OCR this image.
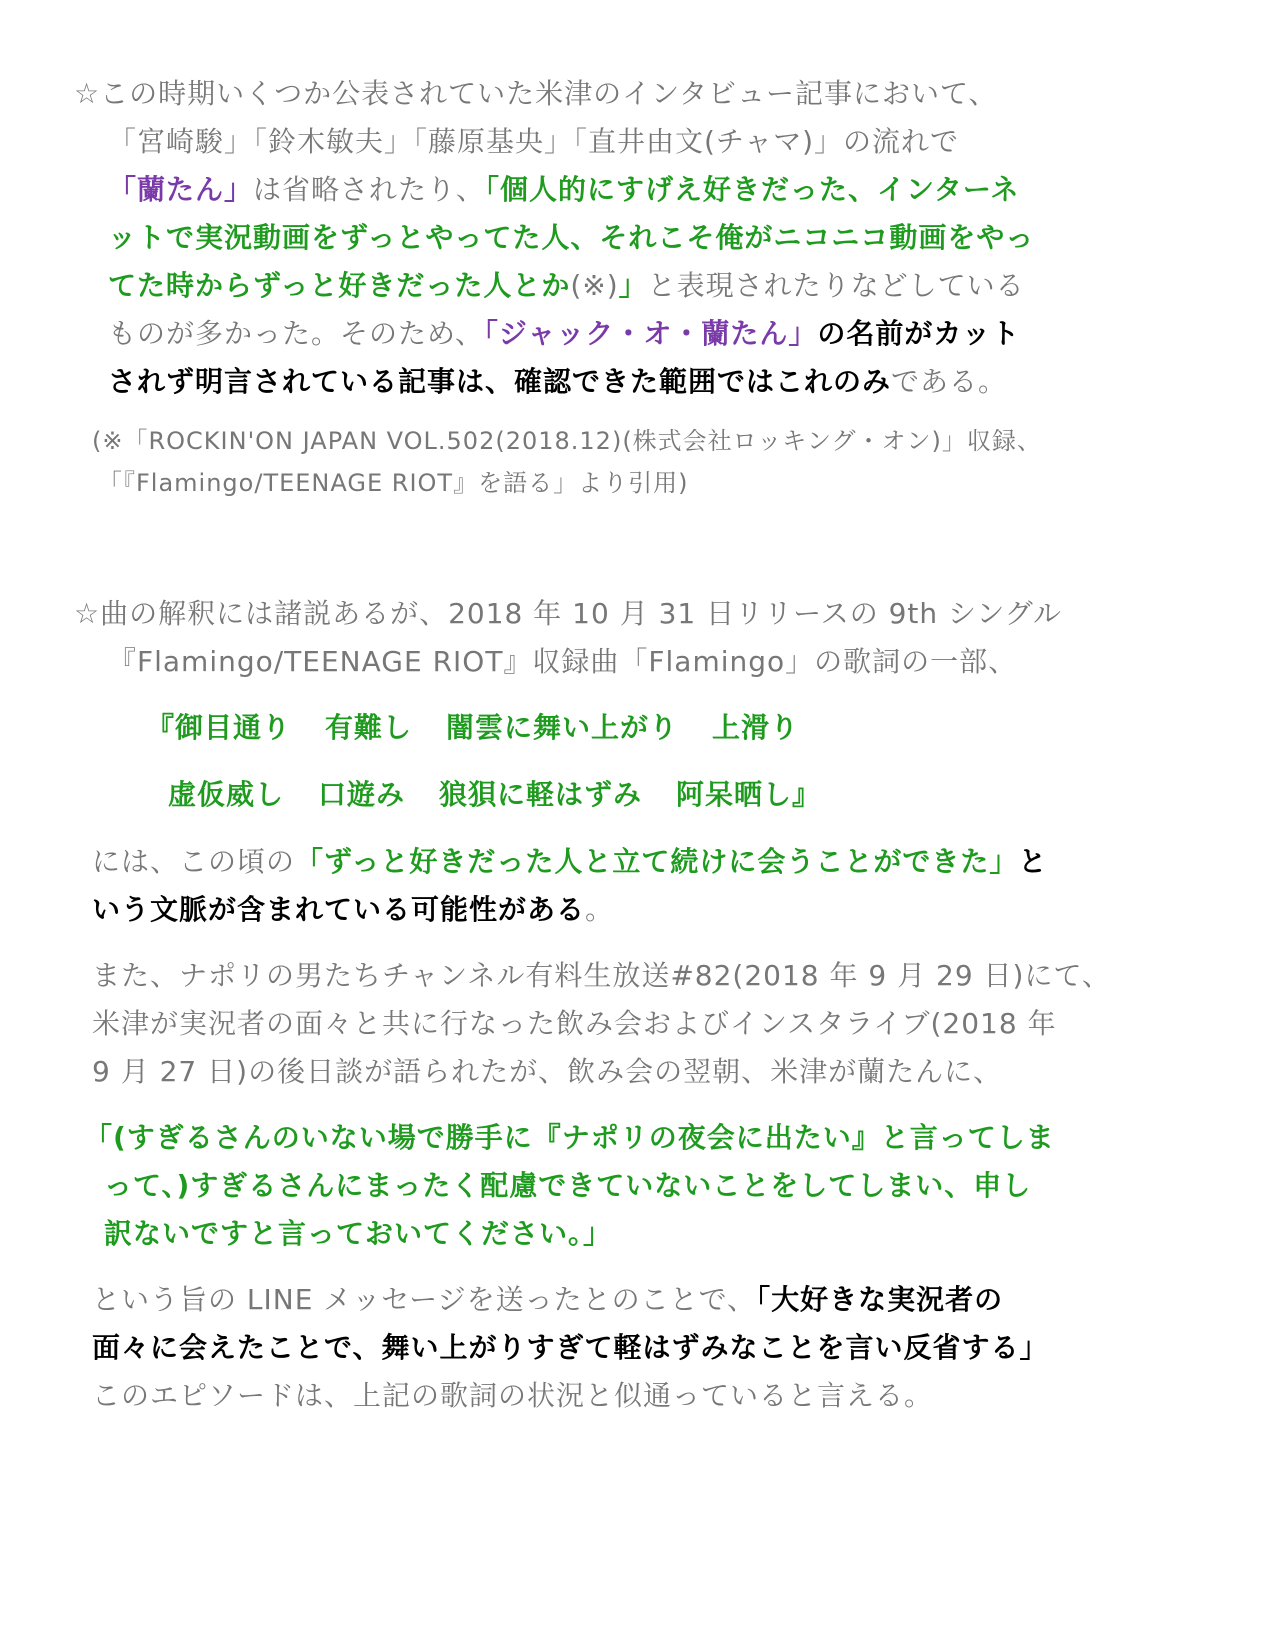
☆この時期いくつか公表されていた米津のインタビュー記事において、
「宮崎駿」「鈴木敏夫」「藤原基央」「直井由文(チャマ)」の流れで
「蘭たん」は省略されたり、「個人的にすげえ好きだった、インターネ
ットで実況動画をずっとやってた人、それこそ俺がニコニコ動画をやっ
てた時からずっと好きだった人とか(※)」と表現されたりなどしている
ものが多かった。そのため、「ジャック・オ・蘭たん」の名前がカット
されず明言されている記事は、確認できた範囲ではこれのみである。
(※「ROCKIN'ON JAPAN VOL.502(2018.12)(株式会社ロッキング・オン)」収録、
「『Flamingo/TEENAGE RIOT』を語る」より引用)
☆曲の解釈には諸説あるが、2018 年 10 月 31 日リリースの 9th シングル
『Flamingo/TEENAGE RIOT』収録曲「Flamingo」の歌詞の一部、
『御目通り 有難し 闇雲に舞い上がり 上滑り
虚仮威し 口遊み 狼狽に軽はずみ 阿呆晒し』
には、この頃の「ずっと好きだった人と立て続けに会うことができた」と
いう文脈が含まれている可能性がある。
また、ナポリの男たちチャンネル有料生放送#82(2018 年 9 月 29 日)にて、
米津が実況者の面々と共に行なった飲み会およびインスタライブ(2018 年
9 月 27 日)の後日談が語られたが、飲み会の翌朝、米津が蘭たんに、
「(すぎるさんのいない場で勝手に『ナポリの夜会に出たい』と言ってしま
って、)すぎるさんにまったく配慮できていないことをしてしまい、申し
訳ないですと言っておいてください。」
という旨の LINE メッセージを送ったとのことで、「大好きな実況者の
面々に会えたことで、舞い上がりすぎて軽はずみなことを言い反省する」
このエピソードは、上記の歌詞の状況と似通っていると言える。
